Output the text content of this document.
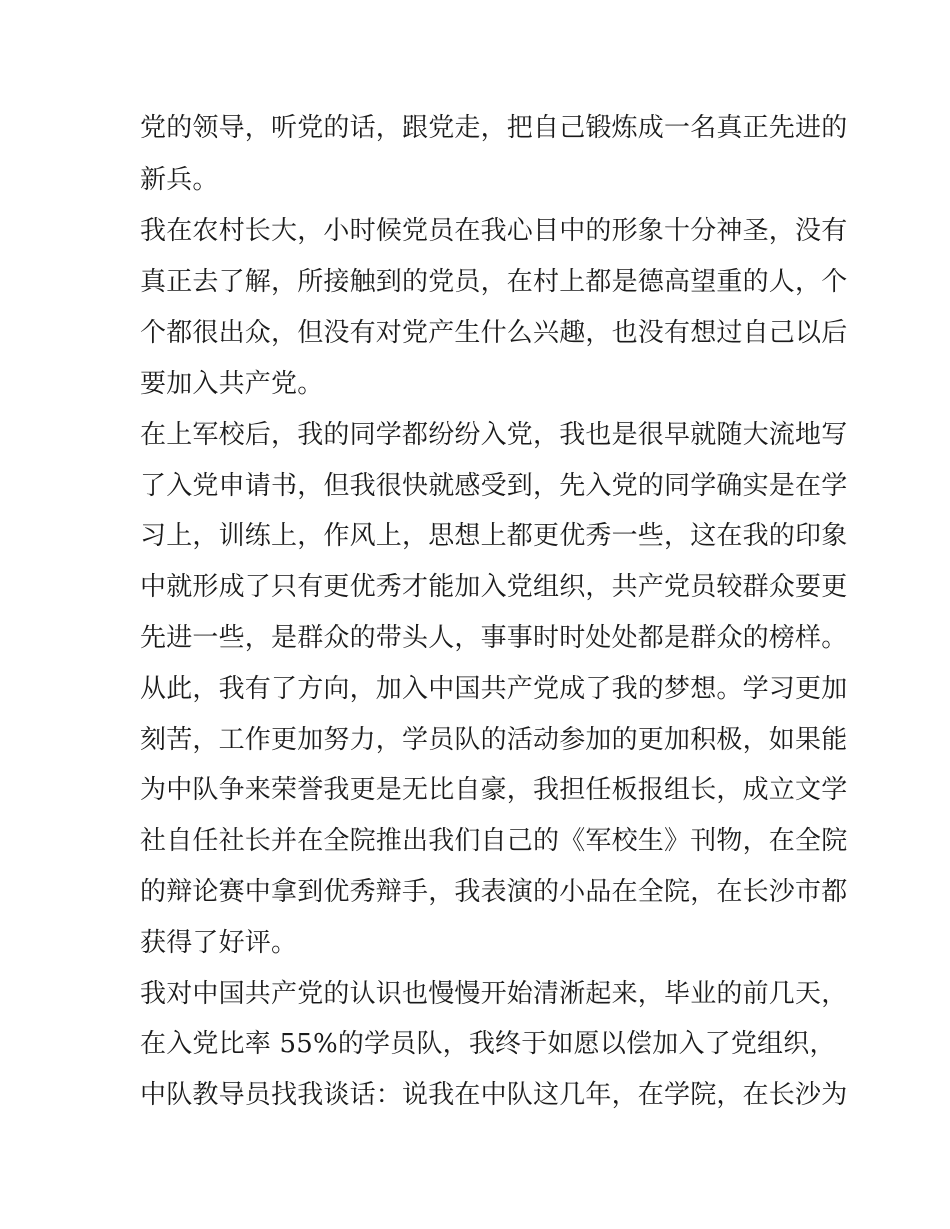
党的领导，听党的话，跟党走，把自己锻炼成一名真正先进的
新兵。
我在农村长大，小时候党员在我心目中的形象十分神圣，没有
真正去了解，所接触到的党员，在村上都是德高望重的人，个
个都很出众，但没有对党产生什么兴趣，也没有想过自己以后
要加入共产党。
在上军校后，我的同学都纷纷入党，我也是很早就随大流地写
了入党申请书，但我很快就感受到，先入党的同学确实是在学
习上，训练上，作风上，思想上都更优秀一些，这在我的印象
中就形成了只有更优秀才能加入党组织，共产党员较群众要更
先进一些，是群众的带头人，事事时时处处都是群众的榜样。
从此，我有了方向，加入中国共产党成了我的梦想。学习更加
刻苦，工作更加努力，学员队的活动参加的更加积极，如果能
为中队争来荣誉我更是无比自豪，我担任板报组长，成立文学
社自任社长并在全院推出我们自己的《军校生》刊物，在全院
的辩论赛中拿到优秀辩手，我表演的小品在全院，在长沙市都
获得了好评。
我对中国共产党的认识也慢慢开始清淅起来，毕业的前几天，
在入党比率 55%的学员队，我终于如愿以偿加入了党组织，
中队教导员找我谈话：说我在中队这几年，在学院，在长沙为
